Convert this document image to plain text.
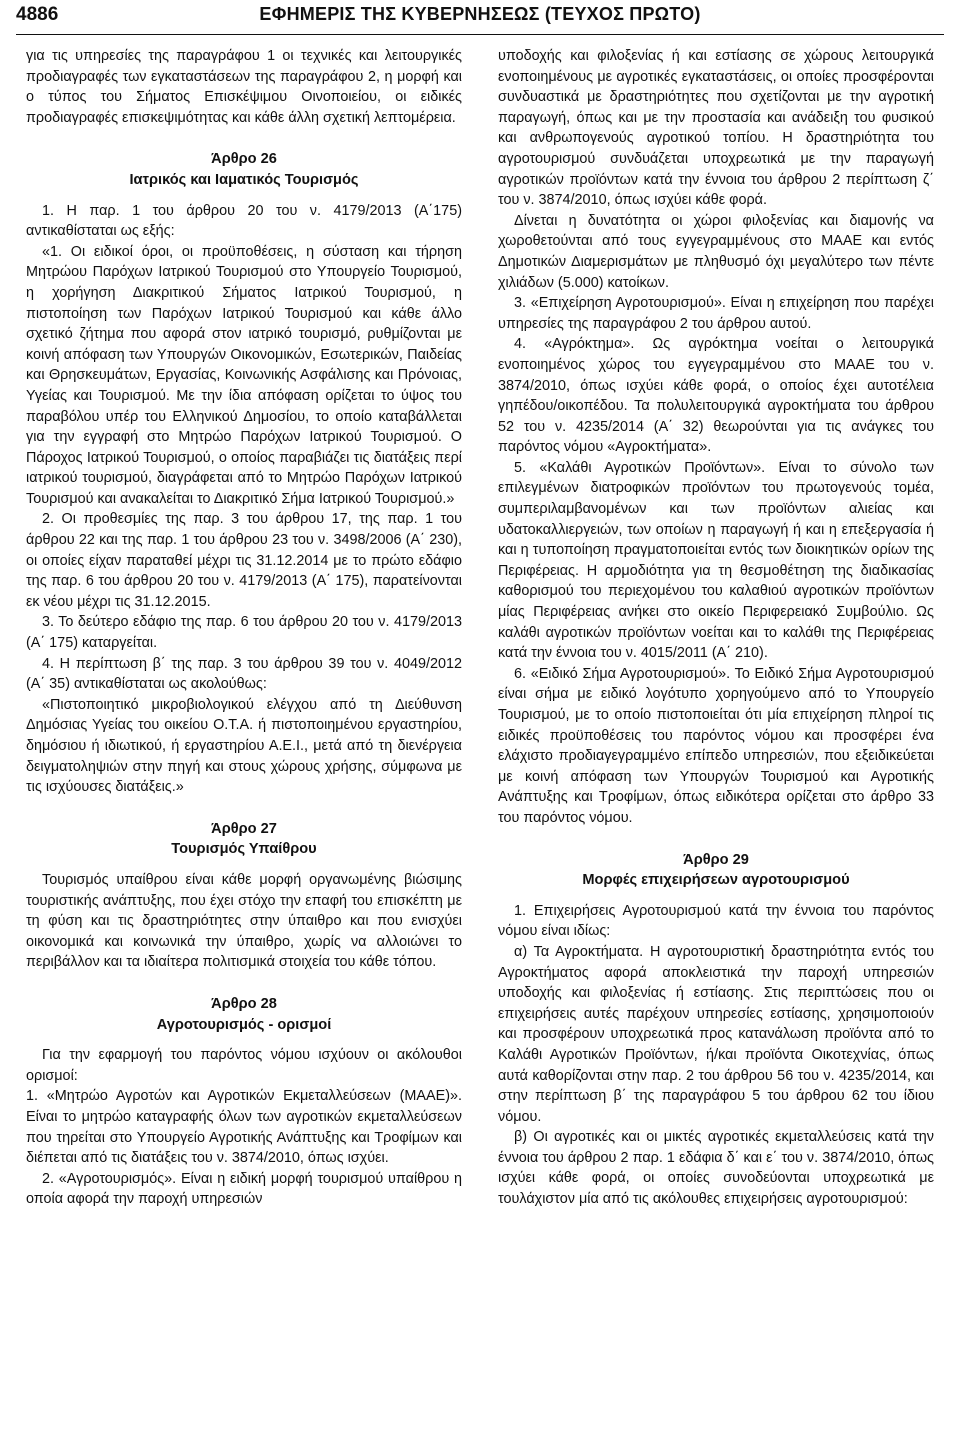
4886	ΕΦΗΜΕΡΙΣ ΤΗΣ ΚΥΒΕΡΝΗΣΕΩΣ (ΤΕΥΧΟΣ ΠΡΩΤΟ)

για τις υπηρεσίες της παραγράφου 1 οι τεχνικές και λειτουργικές προδιαγραφές των εγκαταστάσεων της παραγράφου 2, η μορφή και ο τύπος του Σήματος Επισκέψιμου Οινοποιείου, οι ειδικές προδιαγραφές επισκεψιμότητας και κάθε άλλη σχετική λεπτομέρεια.

Άρθρο 26
Ιατρικός και Ιαματικός Τουρισμός

1. Η παρ. 1 του άρθρου 20 του ν. 4179/2013 (Α΄175) αντικαθίσταται ως εξής:

«1. Οι ειδικοί όροι, οι προϋποθέσεις, η σύσταση και τήρηση Μητρώου Παρόχων Ιατρικού Τουρισμού στο Υπουργείο Τουρισμού, η χορήγηση Διακριτικού Σήματος Ιατρικού Τουρισμού, η πιστοποίηση των Παρόχων Ιατρικού Τουρισμού και κάθε άλλο σχετικό ζήτημα που αφορά στον ιατρικό τουρισμό, ρυθμίζονται με κοινή απόφαση των Υπουργών Οικονομικών, Εσωτερικών, Παιδείας και Θρησκευμάτων, Εργασίας, Κοινωνικής Ασφάλισης και Πρόνοιας, Υγείας και Τουρισμού. Με την ίδια απόφαση ορίζεται το ύψος του παραβόλου υπέρ του Ελληνικού Δημοσίου, το οποίο καταβάλλεται για την εγγραφή στο Μητρώο Παρόχων Ιατρικού Τουρισμού. Ο Πάροχος Ιατρικού Τουρισμού, ο οποίος παραβιάζει τις διατάξεις περί ιατρικού τουρισμού, διαγράφεται από το Μητρώο Παρόχων Ιατρικού Τουρισμού και ανακαλείται το Διακριτικό Σήμα Ιατρικού Τουρισμού.»

2. Οι προθεσμίες της παρ. 3 του άρθρου 17, της παρ. 1 του άρθρου 22 και της παρ. 1 του άρθρου 23 του ν. 3498/2006 (Α΄ 230), οι οποίες είχαν παραταθεί μέχρι τις 31.12.2014 με το πρώτο εδάφιο της παρ. 6 του άρθρου 20 του ν. 4179/2013 (Α΄ 175), παρατείνονται εκ νέου μέχρι τις 31.12.2015.

3. Το δεύτερο εδάφιο της παρ. 6 του άρθρου 20 του ν. 4179/2013 (Α΄ 175) καταργείται.

4. Η περίπτωση β΄ της παρ. 3 του άρθρου 39 του ν. 4049/2012 (Α΄ 35) αντικαθίσταται ως ακολούθως:

«Πιστοποιητικό μικροβιολογικού ελέγχου από τη Διεύθυνση Δημόσιας Υγείας του οικείου Ο.Τ.Α. ή πιστοποιημένου εργαστηρίου, δημόσιου ή ιδιωτικού, ή εργαστηρίου Α.Ε.Ι., μετά από τη διενέργεια δειγματοληψιών στην πηγή και στους χώρους χρήσης, σύμφωνα με τις ισχύουσες διατάξεις.»

Άρθρο 27
Τουρισμός Υπαίθρου

Τουρισμός υπαίθρου είναι κάθε μορφή οργανωμένης βιώσιμης τουριστικής ανάπτυξης, που έχει στόχο την επαφή του επισκέπτη με τη φύση και τις δραστηριότητες στην ύπαιθρο και που ενισχύει οικονομικά και κοινωνικά την ύπαιθρο, χωρίς να αλλοιώνει το περιβάλλον και τα ιδιαίτερα πολιτισμικά στοιχεία του κάθε τόπου.

Άρθρο 28
Αγροτουρισμός - ορισμοί

Για την εφαρμογή του παρόντος νόμου ισχύουν οι ακόλουθοι ορισμοί:

1. «Μητρώο Αγροτών και Αγροτικών Εκμεταλλεύσεων (ΜΑΑΕ)». Είναι το μητρώο καταγραφής όλων των αγροτικών εκμεταλλεύσεων που τηρείται στο Υπουργείο Αγροτικής Ανάπτυξης και Τροφίμων και διέπεται από τις διατάξεις του ν. 3874/2010, όπως ισχύει.

2. «Αγροτουρισμός». Είναι η ειδική μορφή τουρισμού υπαίθρου η οποία αφορά την παροχή υπηρεσιών

υποδοχής και φιλοξενίας ή και εστίασης σε χώρους λειτουργικά ενοποιημένους με αγροτικές εγκαταστάσεις, οι οποίες προσφέρονται συνδυαστικά με δραστηριότητες που σχετίζονται με την αγροτική παραγωγή, όπως και με την προστασία και ανάδειξη του φυσικού και ανθρωπογενούς αγροτικού τοπίου. Η δραστηριότητα του αγροτουρισμού συνδυάζεται υποχρεωτικά με την παραγωγή αγροτικών προϊόντων κατά την έννοια του άρθρου 2 περίπτωση ζ΄ του ν. 3874/2010, όπως ισχύει κάθε φορά.

Δίνεται η δυνατότητα οι χώροι φιλοξενίας και διαμονής να χωροθετούνται από τους εγγεγραμμένους στο ΜΑΑΕ και εντός Δημοτικών Διαμερισμάτων με πληθυσμό όχι μεγαλύτερο των πέντε χιλιάδων (5.000) κατοίκων.

3. «Επιχείρηση Αγροτουρισμού». Είναι η επιχείρηση που παρέχει υπηρεσίες της παραγράφου 2 του άρθρου αυτού.

4. «Αγρόκτημα». Ως αγρόκτημα νοείται ο λειτουργικά ενοποιημένος χώρος του εγγεγραμμένου στο ΜΑΑΕ του ν. 3874/2010, όπως ισχύει κάθε φορά, ο οποίος έχει αυτοτέλεια γηπέδου/οικοπέδου. Τα πολυλειτουργικά αγροκτήματα του άρθρου 52 του ν. 4235/2014 (Α΄ 32) θεωρούνται για τις ανάγκες του παρόντος νόμου «Αγροκτήματα».

5. «Καλάθι Αγροτικών Προϊόντων». Είναι το σύνολο των επιλεγμένων διατροφικών προϊόντων του πρωτογενούς τομέα, συμπεριλαμβανομένων και των προϊόντων αλιείας και υδατοκαλλιεργειών, των οποίων η παραγωγή ή και η επεξεργασία ή και η τυποποίηση πραγματοποιείται εντός των διοικητικών ορίων της Περιφέρειας. Η αρμοδιότητα για τη θεσμοθέτηση της διαδικασίας καθορισμού του περιεχομένου του καλαθιού αγροτικών προϊόντων μίας Περιφέρειας ανήκει στο οικείο Περιφερειακό Συμβούλιο. Ως καλάθι αγροτικών προϊόντων νοείται και το καλάθι της Περιφέρειας κατά την έννοια του ν. 4015/2011 (Α΄ 210).

6. «Ειδικό Σήμα Αγροτουρισμού». Το Ειδικό Σήμα Αγροτουρισμού είναι σήμα με ειδικό λογότυπο χορηγούμενο από το Υπουργείο Τουρισμού, με το οποίο πιστοποιείται ότι μία επιχείρηση πληροί τις ειδικές προϋποθέσεις του παρόντος νόμου και προσφέρει ένα ελάχιστο προδιαγεγραμμένο επίπεδο υπηρεσιών, που εξειδικεύεται με κοινή απόφαση των Υπουργών Τουρισμού και Αγροτικής Ανάπτυξης και Τροφίμων, όπως ειδικότερα ορίζεται στο άρθρο 33 του παρόντος νόμου.

Άρθρο 29
Μορφές επιχειρήσεων αγροτουρισμού

1. Επιχειρήσεις Αγροτουρισμού κατά την έννοια του παρόντος νόμου είναι ιδίως:

α) Τα Αγροκτήματα. Η αγροτουριστική δραστηριότητα εντός του Αγροκτήματος αφορά αποκλειστικά την παροχή υπηρεσιών υποδοχής και φιλοξενίας ή εστίασης. Στις περιπτώσεις που οι επιχειρήσεις αυτές παρέχουν υπηρεσίες εστίασης, χρησιμοποιούν και προσφέρουν υποχρεωτικά προς κατανάλωση προϊόντα από το Καλάθι Αγροτικών Προϊόντων, ή/και προϊόντα Οικοτεχνίας, όπως αυτά καθορίζονται στην παρ. 2 του άρθρου 56 του ν. 4235/2014, και στην περίπτωση β΄ της παραγράφου 5 του άρθρου 62 του ίδιου νόμου.

β) Οι αγροτικές και οι μικτές αγροτικές εκμεταλλεύσεις κατά την έννοια του άρθρου 2 παρ. 1 εδάφια δ΄ και ε΄ του ν. 3874/2010, όπως ισχύει κάθε φορά, οι οποίες συνοδεύονται υποχρεωτικά με τουλάχιστον μία από τις ακόλουθες επιχειρήσεις αγροτουρισμού:
